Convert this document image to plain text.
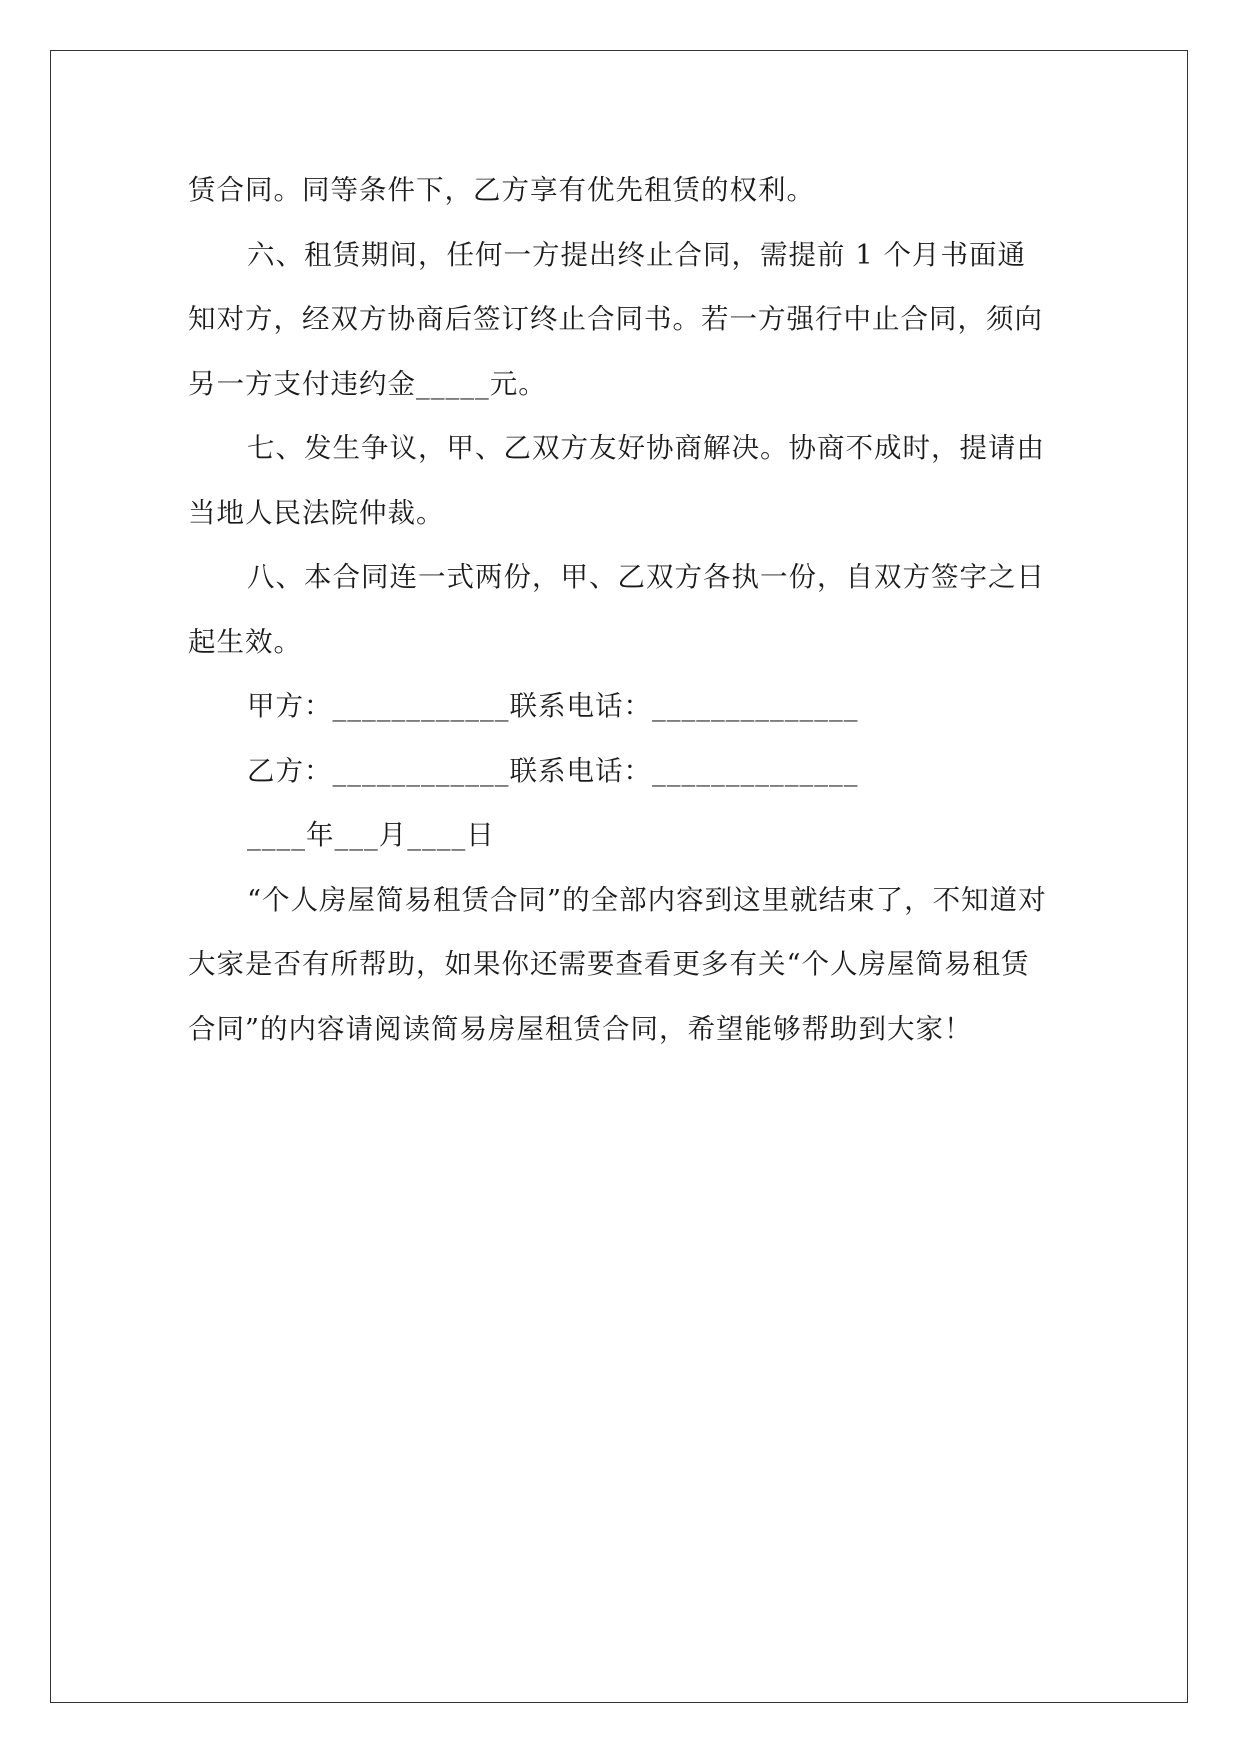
赁合同。同等条件下，乙方享有优先租赁的权利。

六、租赁期间，任何一方提出终止合同，需提前 1 个月书面通知对方，经双方协商后签订终止合同书。若一方强行中止合同，须向另一方支付违约金_____元。

七、发生争议，甲、乙双方友好协商解决。协商不成时，提请由当地人民法院仲裁。

八、本合同连一式两份，甲、乙双方各执一份，自双方签字之日起生效。

甲方：____________联系电话：______________

乙方：____________联系电话：______________

____年___月____日

“个人房屋简易租赁合同”的全部内容到这里就结束了，不知道对大家是否有所帮助，如果你还需要查看更多有关“个人房屋简易租赁合同”的内容请阅读简易房屋租赁合同，希望能够帮助到大家！
